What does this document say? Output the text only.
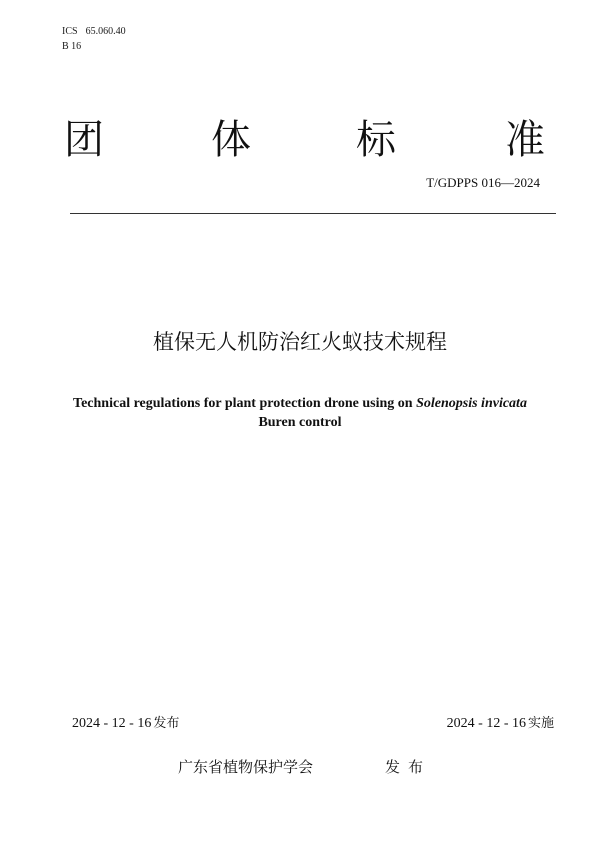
ICS 65.060.40
B 16
团	体	标	准
T/GDPPS 016—2024
植保无人机防治红火蚁技术规程
Technical regulations for plant protection drone using on Solenopsis invicata
Buren control
2024 - 12 - 16 发布	2024 - 12 - 16 实施
广东省植物保护学会	发布
